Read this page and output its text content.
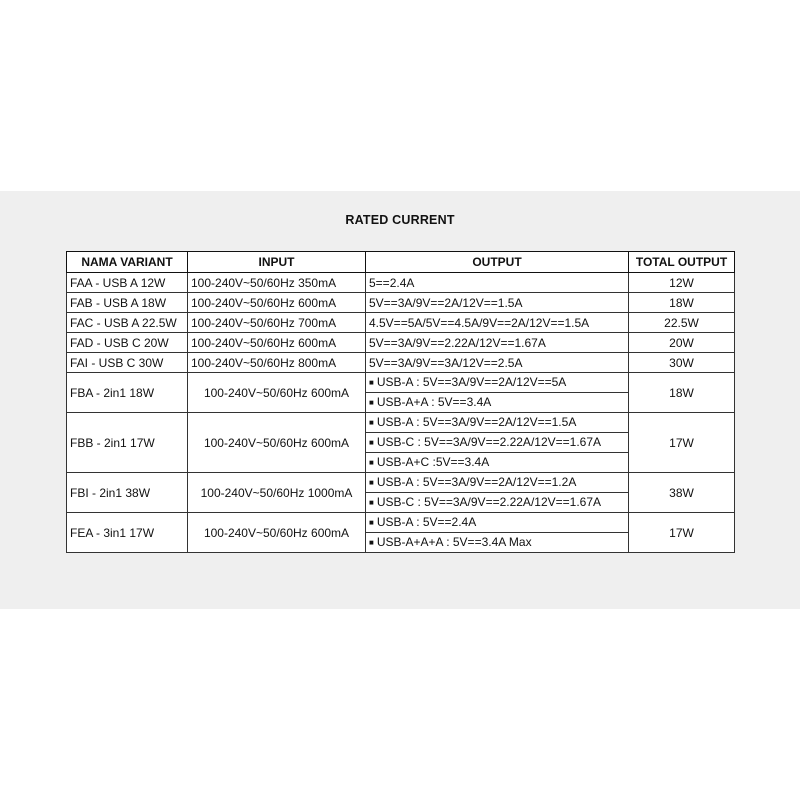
RATED CURRENT
NAMA VARIANT	INPUT	OUTPUT	TOTAL OUTPUT
FAA - USB A 12W	100-240V~50/60Hz 350mA	5==2.4A	12W
FAB - USB A 18W	100-240V~50/60Hz 600mA	5V==3A/9V==2A/12V==1.5A	18W
FAC - USB A 22.5W	100-240V~50/60Hz 700mA	4.5V==5A/5V==4.5A/9V==2A/12V==1.5A	22.5W
FAD - USB C 20W	100-240V~50/60Hz 600mA	5V==3A/9V==2.22A/12V==1.67A	20W
FAI - USB C 30W	100-240V~50/60Hz 800mA	5V==3A/9V==3A/12V==2.5A	30W
FBA - 2in1 18W	100-240V~50/60Hz 600mA	■ USB-A : 5V==3A/9V==2A/12V==5A	18W
		■ USB-A+A : 5V==3.4A	
FBB - 2in1 17W	100-240V~50/60Hz 600mA	■ USB-A : 5V==3A/9V==2A/12V==1.5A	17W
		■ USB-C : 5V==3A/9V==2.22A/12V==1.67A	
		■ USB-A+C :5V==3.4A	
FBI - 2in1 38W	100-240V~50/60Hz 1000mA	■ USB-A : 5V==3A/9V==2A/12V==1.2A	38W
		■ USB-C : 5V==3A/9V==2.22A/12V==1.67A	
FEA - 3in1 17W	100-240V~50/60Hz 600mA	■ USB-A : 5V==2.4A	17W
		■ USB-A+A+A : 5V==3.4A Max	
